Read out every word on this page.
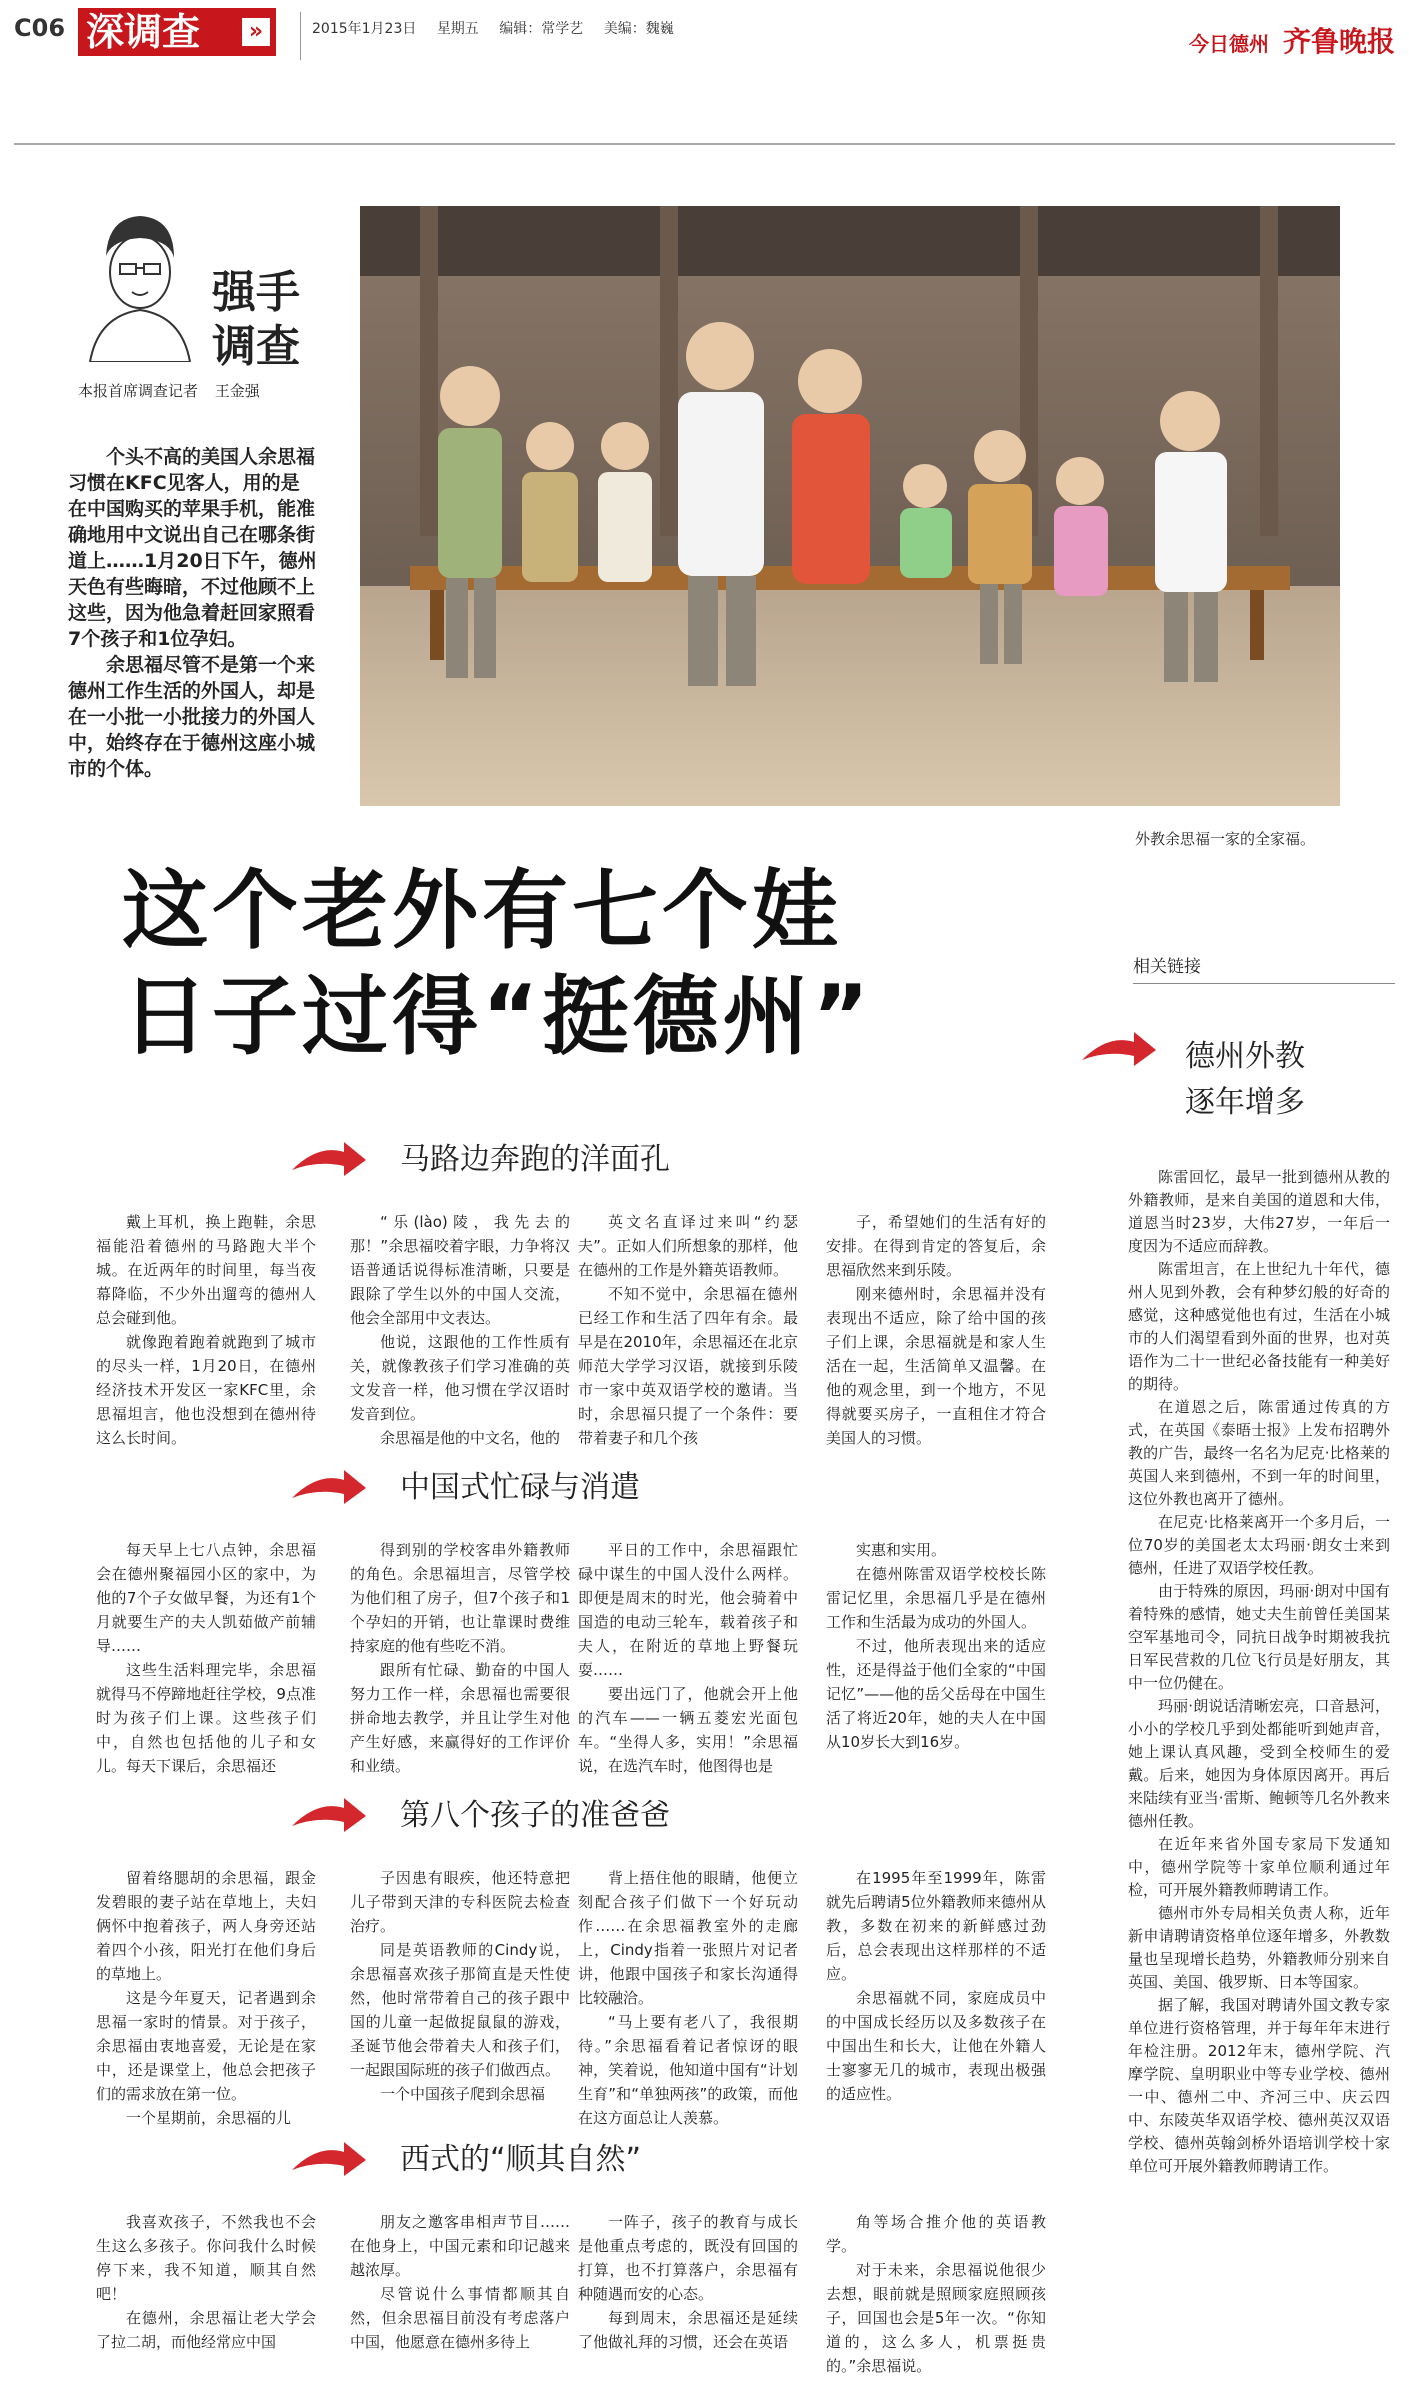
C06 深调查	»	2015年1月23日 星期五 编辑：常学艺 美编：魏巍
今日德州 齐鲁晚报
强手
调查
本报首席调查记者 王金强

个头不高的美国人余思福习惯在KFC见客人，用的是在中国购买的苹果手机，能准确地用中文说出自己在哪条街道上……1月20日下午，德州天色有些晦暗，不过他顾不上这些，因为他急着赶回家照看7个孩子和1位孕妇。

余思福尽管不是第一个来德州工作生活的外国人，却是在一小批一小批接力的外国人中，始终存在于德州这座小城市的个体。

外教余思福一家的全家福。
这个老外有七个娃
日子过得“挺德州”	相关链接
德州外教
逐年增多

陈雷回忆，最早一批到德州从教的外籍教师，是来自美国的道恩和大伟，道恩当时23岁，大伟27岁，一年后一度因为不适应而辞教。

陈雷坦言，在上世纪九十年代，德州人见到外教，会有种梦幻般的好奇的感觉，这种感觉他也有过，生活在小城市的人们渴望看到外面的世界，也对英语作为二十一世纪必备技能有一种美好的期待。

在道恩之后，陈雷通过传真的方式，在英国《泰晤士报》上发布招聘外教的广告，最终一名名为尼克·比格莱的英国人来到德州，不到一年的时间里，这位外教也离开了德州。

在尼克·比格莱离开一个多月后，一位70岁的美国老太太玛丽·朗女士来到德州，任进了双语学校任教。

由于特殊的原因，玛丽·朗对中国有着特殊的感情，她丈夫生前曾任美国某空军基地司令，同抗日战争时期被我抗日军民营救的几位飞行员是好朋友，其中一位仍健在。

玛丽·朗说话清晰宏亮，口音悬河，小小的学校几乎到处都能听到她声音，她上课认真风趣，受到全校师生的爱戴。后来，她因为身体原因离开。再后来陆续有亚当·雷斯、鲍顿等几名外教来德州任教。

在近年来省外国专家局下发通知中，德州学院等十家单位顺利通过年检，可开展外籍教师聘请工作。

德州市外专局相关负责人称，近年新申请聘请资格单位逐年增多，外教数量也呈现增长趋势，外籍教师分别来自英国、美国、俄罗斯、日本等国家。

据了解，我国对聘请外国文教专家单位进行资格管理，并于每年年末进行年检注册。2012年末，德州学院、汽摩学院、皇明职业中等专业学校、德州一中、德州二中、齐河三中、庆云四中、东陵英华双语学校、德州英汉双语学校、德州英翰剑桥外语培训学校十家单位可开展外籍教师聘请工作。

马路边奔跑的洋面孔

戴上耳机，换上跑鞋，余思福能沿着德州的马路跑大半个城。在近两年的时间里，每当夜幕降临，不少外出遛弯的德州人总会碰到他。

就像跑着跑着就跑到了城市的尽头一样，1月20日，在德州经济技术开发区一家KFC里，余思福坦言，他也没想到在德州待这么长时间。

“乐(lào)陵，我先去的那！”余思福咬着字眼，力争将汉语普通话说得标准清晰，只要是跟除了学生以外的中国人交流，他会全部用中文表达。

他说，这跟他的工作性质有关，就像教孩子们学习准确的英文发音一样，他习惯在学汉语时发音到位。

余思福是他的中文名，他的

英文名直译过来叫“约瑟夫”。正如人们所想象的那样，他在德州的工作是外籍英语教师。

不知不觉中，余思福在德州已经工作和生活了四年有余。最早是在2010年，余思福还在北京师范大学学习汉语，就接到乐陵市一家中英双语学校的邀请。当时，余思福只提了一个条件：要带着妻子和几个孩

子，希望她们的生活有好的安排。在得到肯定的答复后，余思福欣然来到乐陵。

刚来德州时，余思福并没有表现出不适应，除了给中国的孩子们上课，余思福就是和家人生活在一起，生活简单又温馨。在他的观念里，到一个地方，不见得就要买房子，一直租住才符合美国人的习惯。

中国式忙碌与消遣

每天早上七八点钟，余思福会在德州聚福园小区的家中，为他的7个子女做早餐，为还有1个月就要生产的夫人凯茹做产前辅导……

这些生活料理完毕，余思福就得马不停蹄地赶往学校，9点准时为孩子们上课。这些孩子们中，自然也包括他的儿子和女儿。每天下课后，余思福还

得到别的学校客串外籍教师的角色。余思福坦言，尽管学校为他们租了房子，但7个孩子和1个孕妇的开销，也让靠课时费维持家庭的他有些吃不消。

跟所有忙碌、勤奋的中国人努力工作一样，余思福也需要很拼命地去教学，并且让学生对他产生好感，来赢得好的工作评价和业绩。

平日的工作中，余思福跟忙碌中谋生的中国人没什么两样。即便是周末的时光，他会骑着中国造的电动三轮车，载着孩子和夫人，在附近的草地上野餐玩耍……

要出远门了，他就会开上他的汽车——一辆五菱宏光面包车。“坐得人多，实用！”余思福说，在选汽车时，他图得也是

实惠和实用。

在德州陈雷双语学校校长陈雷记忆里，余思福几乎是在德州工作和生活最为成功的外国人。

不过，他所表现出来的适应性，还是得益于他们全家的“中国记忆”——他的岳父岳母在中国生活了将近20年，她的夫人在中国从10岁长大到16岁。

第八个孩子的准爸爸

留着络腮胡的余思福，跟金发碧眼的妻子站在草地上，夫妇俩怀中抱着孩子，两人身旁还站着四个小孩，阳光打在他们身后的草地上。

这是今年夏天，记者遇到余思福一家时的情景。对于孩子，余思福由衷地喜爱，无论是在家中，还是课堂上，他总会把孩子们的需求放在第一位。

一个星期前，余思福的儿

子因患有眼疾，他还特意把儿子带到天津的专科医院去检查治疗。

同是英语教师的Cindy说，余思福喜欢孩子那简直是天性使然，他时常带着自己的孩子跟中国的儿童一起做捉鼠鼠的游戏，圣诞节他会带着夫人和孩子们，一起跟国际班的孩子们做西点。

一个中国孩子爬到余思福

背上捂住他的眼睛，他便立刻配合孩子们做下一个好玩动作……在余思福教室外的走廊上，Cindy指着一张照片对记者讲，他跟中国孩子和家长沟通得比较融洽。

“马上要有老八了，我很期待。”余思福看着记者惊讶的眼神，笑着说，他知道中国有“计划生育”和“单独两孩”的政策，而他在这方面总让人羡慕。

在1995年至1999年，陈雷就先后聘请5位外籍教师来德州从教，多数在初来的新鲜感过劲后，总会表现出这样那样的不适应。

余思福就不同，家庭成员中的中国成长经历以及多数孩子在中国出生和长大，让他在外籍人士寥寥无几的城市，表现出极强的适应性。

西式的“顺其自然”

我喜欢孩子，不然我也不会生这么多孩子。你问我什么时候停下来，我不知道，顺其自然吧！

在德州，余思福让老大学会了拉二胡，而他经常应中国

朋友之邀客串相声节目……在他身上，中国元素和印记越来越浓厚。

尽管说什么事情都顺其自然，但余思福目前没有考虑落户中国，他愿意在德州多待上

一阵子，孩子的教育与成长是他重点考虑的，既没有回国的打算，也不打算落户，余思福有种随遇而安的心态。

每到周末，余思福还是延续了他做礼拜的习惯，还会在英语

角等场合推介他的英语教学。

对于未来，余思福说他很少去想，眼前就是照顾家庭照顾孩子，回国也会是5年一次。“你知道的，这么多人，机票挺贵的。”余思福说。
